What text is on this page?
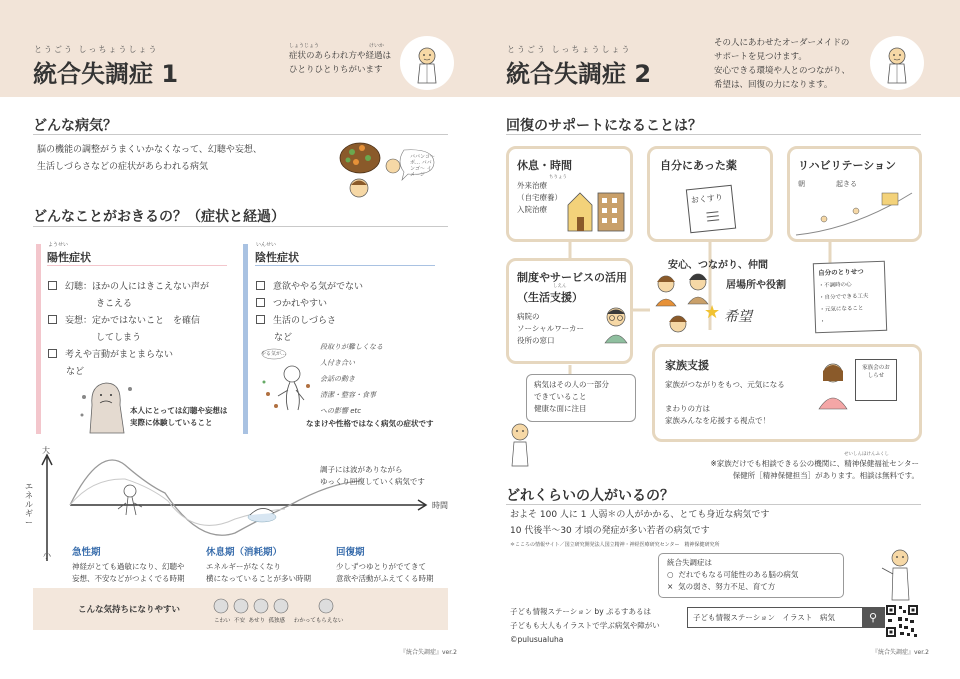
とうごう しっちょうしょう
統合失調症 1
しょうじょう　　　　　　　　　　けいか
症状のあらわれ方や経過は
ひとりひとりちがいます
どんな病気？
脳の機能の調整がうまくいかなくなって、幻聴や妄想、
生活しづらさなどの症状があらわれる病気
ババンコ～ボ… ババンゴ～ イメージ
どんなことがおきるの？（症状と経過）
ようせい
陽性症状
幻聴：ほかの人にはきこえない声が
きこえる
妄想：定かではないこと　を確信
してしまう
考えや言動がまとまらない
など
本人にとっては幻聴や妄想は
実際に体験していること
いんせい
陰性症状
意欲ややる気がでない
つかれやすい
生活のしづらさ
など
やる気が…
段取りが難しくなる
人付き合い
会話の動き
清潔・整容・食事
への影響 etc
なまけや性格ではなく病気の症状です
大
エネルギー
小
時間
調子には波がありながら
ゆっくり回復していく病気です
急性期
神経がとても過敏になり、幻聴や
妄想、不安などがつよくでる時期
休息期（消耗期）
エネルギーがなくなり
横になっていることが多い時期
回復期
少しずつゆとりがでてきて
意欲や活動がふえてくる時期
こんな気持ちになりやすい
こわい 不安 あせり 孤独感 わかってもらえない
『統合失調症』ver.2
とうごう しっちょうしょう
統合失調症 2
その人にあわせたオーダーメイドの
サポートを見つけます。
安心できる環境や人とのつながり、
希望は、回復の力になります。
回復のサポートになることは？
休息・時間
ちりょう
外来治療
（自宅療養）
入院治療
自分にあった薬
おくすり
リハビリテーション
朝	起きる
制度やサービスの活用
しえん
（生活支援）
病院の
ソーシャルワーカー
役所の窓口
安心、つながり、仲間
居場所や役割
★ 希望
自分のとりせつ
・不調時の心
・自分でできる工夫
・元気になること
・
家族支援
家族がつながりをもつ、元気になる
まわりの方は
家族みんなを応援する視点で！
家族会のおしらせ
病気はその人の一部分
できていること
健康な面に注目
せいしんほけんふくし
※家族だけでも相談できる公の機関に、精神保健福祉センター
保健所［精神保健担当］があります。相談は無料です。
どれくらいの人がいるの？
およそ 100 人に 1 人弱＊の人がかかる、とても身近な病気です
10 代後半～30 才頃の発症が多い若者の病気です
＊こころの情報サイト／国立研究開発法人国立精神・神経医療研究センター　精神保健研究所
統合失調症は
○ だれでもなる可能性のある脳の病気
× 気の弱さ、努力不足、育て方
子ども情報ステーション by ぷるすあるは
子どもも大人もイラストで学ぶ病気や障がい
©pulusualuha
子ども情報ステーション　イラスト　病気	⚲
『統合失調症』ver.2
